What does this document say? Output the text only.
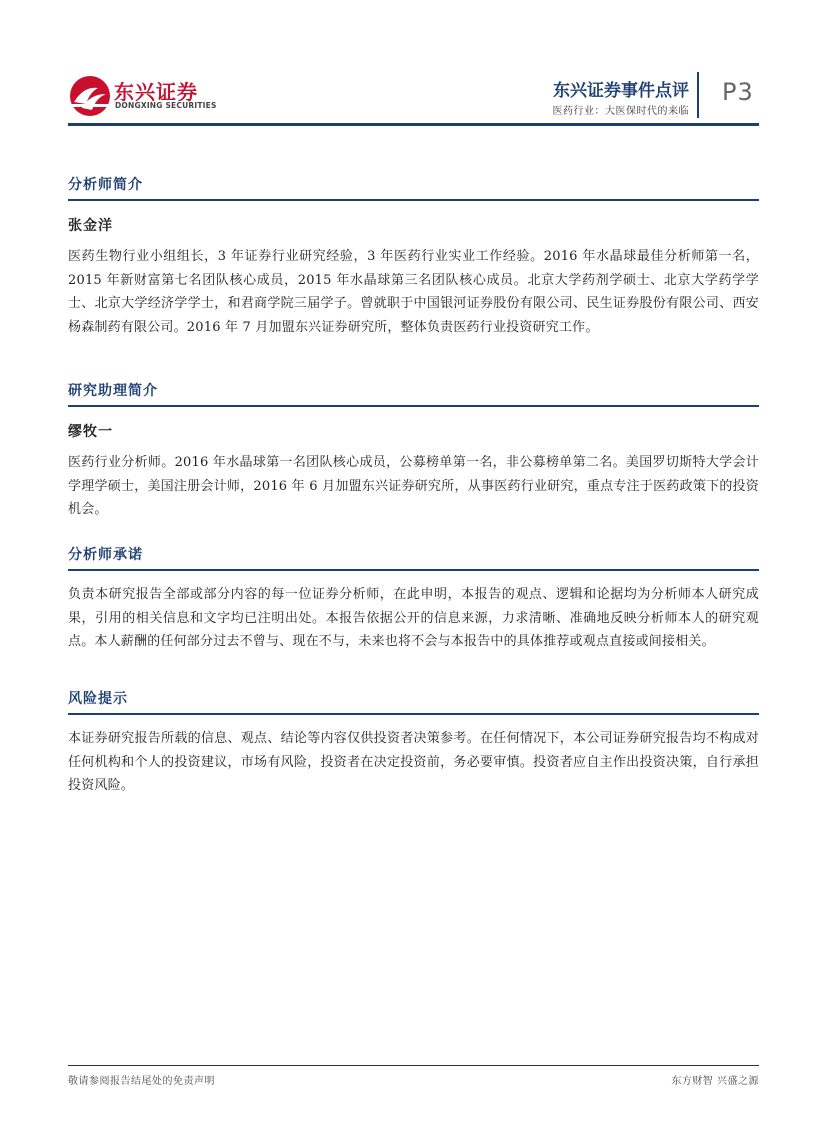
东兴证券
DONGXING SECURITIES
东兴证券事件点评
医药行业：大医保时代的来临
P3
分析师简介
张金洋
医药生物行业小组组长，3 年证券行业研究经验，3 年医药行业实业工作经验。2016 年水晶球最佳分析师第一名，2015 年新财富第七名团队核心成员，2015 年水晶球第三名团队核心成员。北京大学药剂学硕士、北京大学药学学士、北京大学经济学学士，和君商学院三届学子。曾就职于中国银河证券股份有限公司、民生证券股份有限公司、西安杨森制药有限公司。2016 年 7 月加盟东兴证券研究所，整体负责医药行业投资研究工作。
研究助理简介
缪牧一
医药行业分析师。2016 年水晶球第一名团队核心成员，公募榜单第一名，非公募榜单第二名。美国罗切斯特大学会计学理学硕士，美国注册会计师，2016 年 6 月加盟东兴证券研究所，从事医药行业研究，重点专注于医药政策下的投资机会。
分析师承诺
负责本研究报告全部或部分内容的每一位证券分析师，在此申明，本报告的观点、逻辑和论据均为分析师本人研究成果，引用的相关信息和文字均已注明出处。本报告依据公开的信息来源，力求清晰、准确地反映分析师本人的研究观点。本人薪酬的任何部分过去不曾与、现在不与，未来也将不会与本报告中的具体推荐或观点直接或间接相关。
风险提示
本证券研究报告所载的信息、观点、结论等内容仅供投资者决策参考。在任何情况下，本公司证券研究报告均不构成对任何机构和个人的投资建议，市场有风险，投资者在决定投资前，务必要审慎。投资者应自主作出投资决策，自行承担投资风险。
敬请参阅报告结尾处的免责声明	东方财智 兴盛之源
